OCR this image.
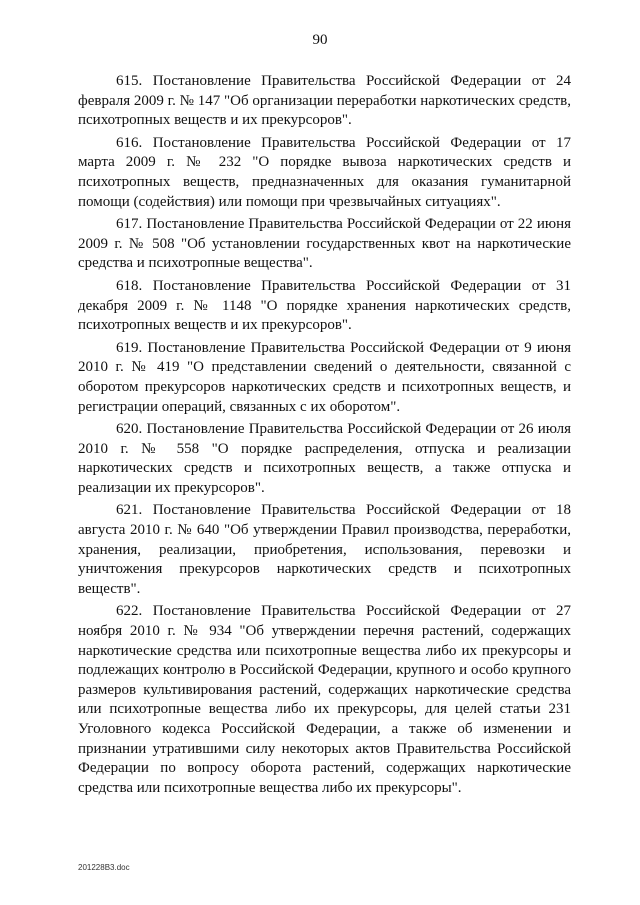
90

615. Постановление Правительства Российской Федерации от 24 февраля 2009 г. № 147 "Об организации переработки наркотических средств, психотропных веществ и их прекурсоров".

616. Постановление Правительства Российской Федерации от 17 марта 2009 г. № 232 "О порядке вывоза наркотических средств и психотропных веществ, предназначенных для оказания гуманитарной помощи (содействия) или помощи при чрезвычайных ситуациях".

617. Постановление Правительства Российской Федерации от 22 июня 2009 г. № 508 "Об установлении государственных квот на наркотические средства и психотропные вещества".

618. Постановление Правительства Российской Федерации от 31 декабря 2009 г. № 1148 "О порядке хранения наркотических средств, психотропных веществ и их прекурсоров".

619. Постановление Правительства Российской Федерации от 9 июня 2010 г. № 419 "О представлении сведений о деятельности, связанной с оборотом прекурсоров наркотических средств и психотропных веществ, и регистрации операций, связанных с их оборотом".

620. Постановление Правительства Российской Федерации от 26 июля 2010 г. № 558 "О порядке распределения, отпуска и реализации наркотических средств и психотропных веществ, а также отпуска и реализации их прекурсоров".

621. Постановление Правительства Российской Федерации от 18 августа 2010 г. № 640 "Об утверждении Правил производства, переработки, хранения, реализации, приобретения, использования, перевозки и уничтожения прекурсоров наркотических средств и психотропных веществ".

622. Постановление Правительства Российской Федерации от 27 ноября 2010 г. № 934 "Об утверждении перечня растений, содержащих наркотические средства или психотропные вещества либо их прекурсоры и подлежащих контролю в Российской Федерации, крупного и особо крупного размеров культивирования растений, содержащих наркотические средства или психотропные вещества либо их прекурсоры, для целей статьи 231 Уголовного кодекса Российской Федерации, а также об изменении и признании утратившими силу некоторых актов Правительства Российской Федерации по вопросу оборота растений, содержащих наркотические средства или психотропные вещества либо их прекурсоры".

201228B3.doc
